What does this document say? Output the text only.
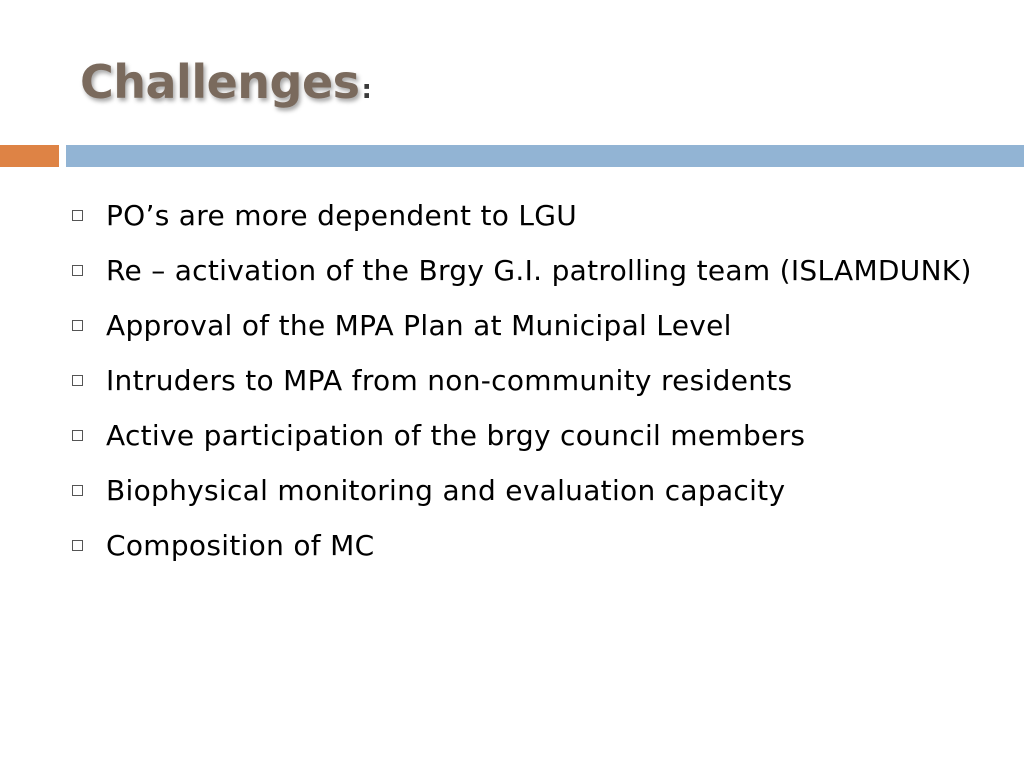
Challenges:
PO’s are more dependent to LGU
Re – activation of the Brgy G.I. patrolling team (ISLAMDUNK)
Approval of the MPA Plan at Municipal Level
Intruders to MPA from non-community residents
Active participation of the brgy council members
Biophysical monitoring and evaluation capacity
Composition of MC
